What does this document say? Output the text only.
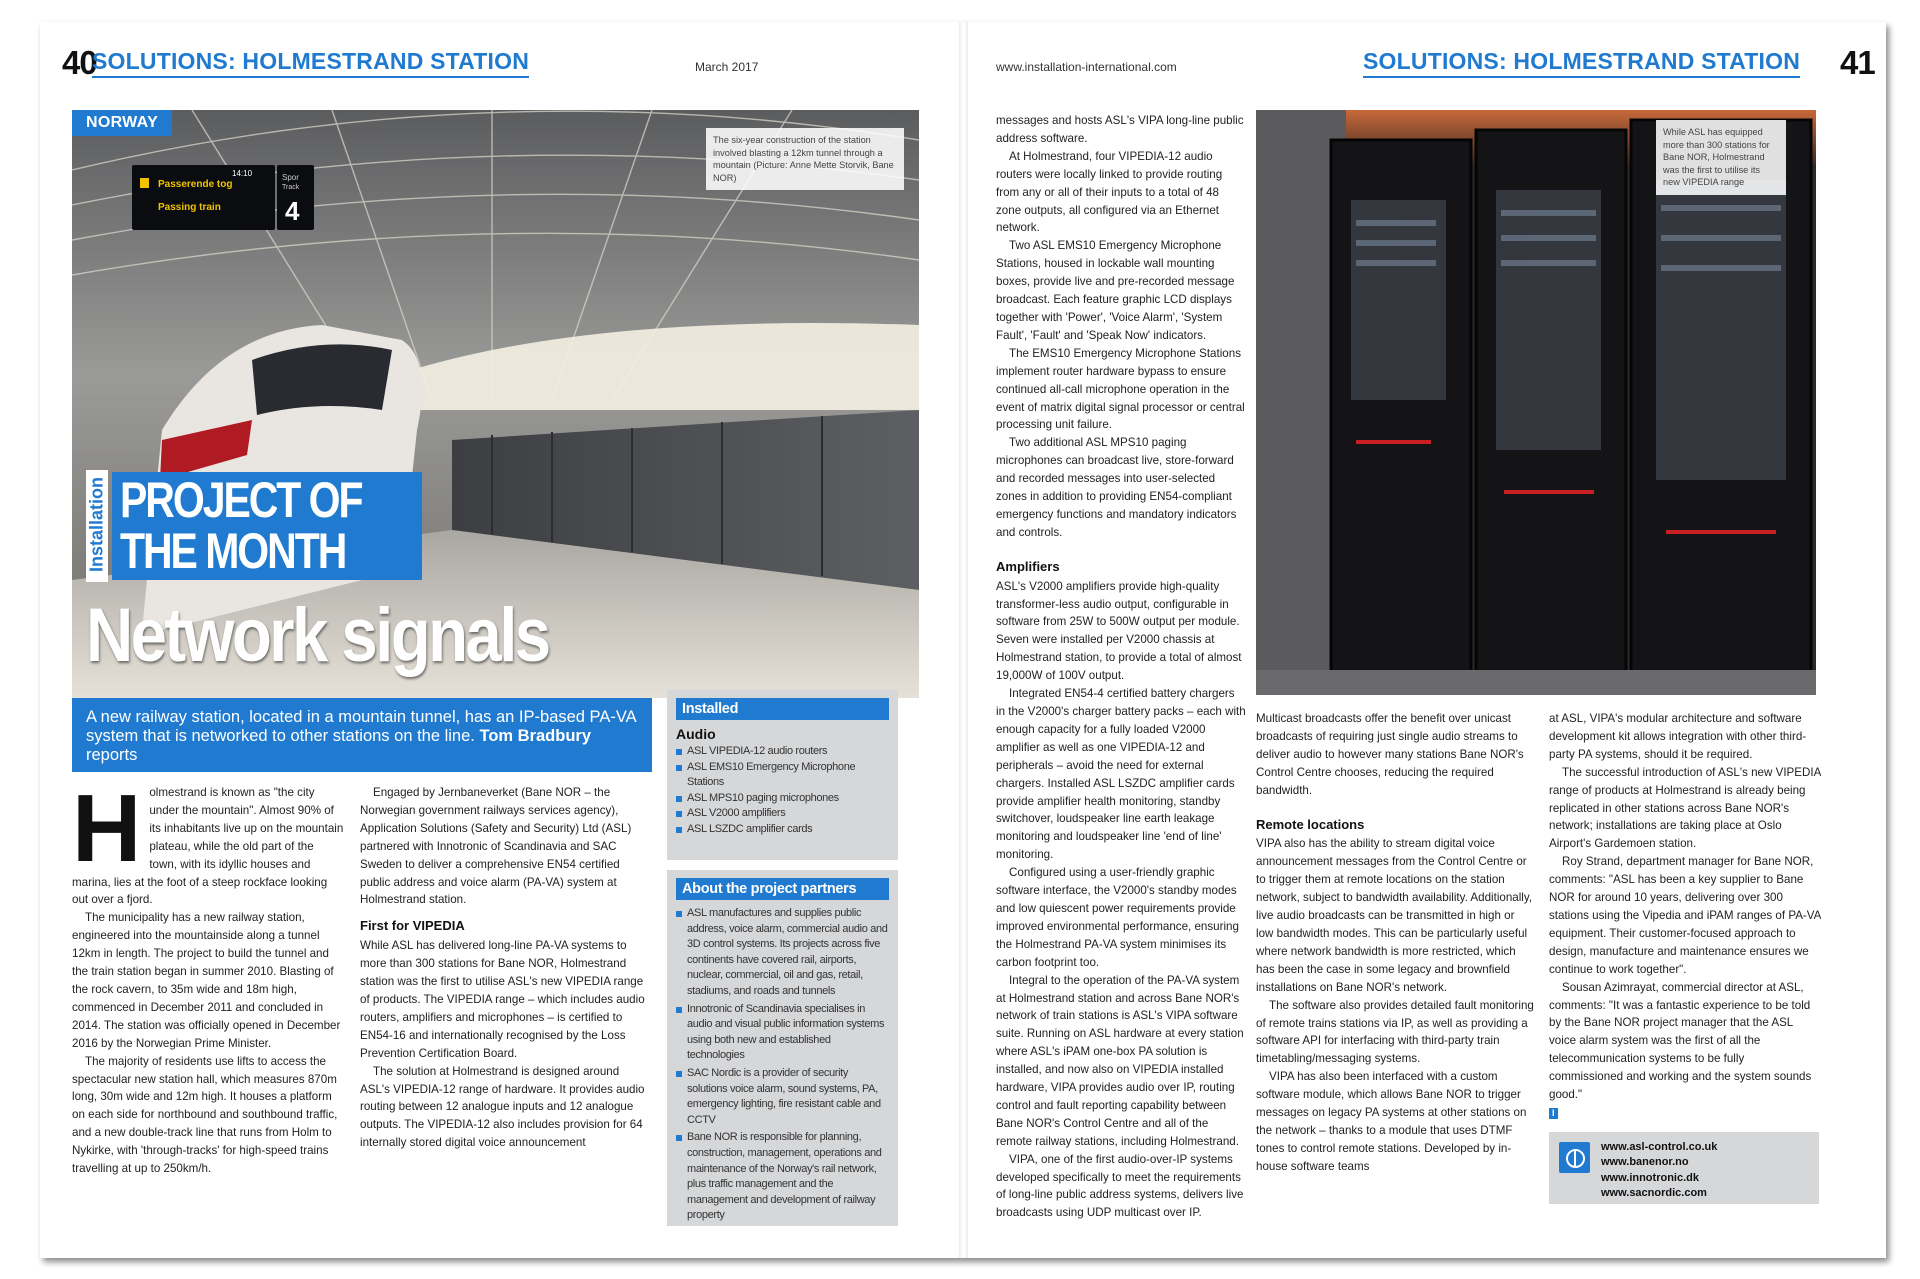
40
SOLUTIONS: HOLMESTRAND STATION	March 2017
Passerende tog
Passing train
14:10	Spor
Track
4
The six-year construction of the station involved blasting a 12km tunnel through a mountain (Picture: Anne Mette Storvik, Bane NOR)
NORWAY
Installation PROJECT OF
THE MONTH
Network signals
A new railway station, located in a mountain tunnel, has an IP-based PA-VA system that is networked to other stations on the line. Tom Bradbury reports
H olmestrand is known as "the city under the mountain". Almost 90% of its inhabitants live up on the mountain plateau, while the old part of the town, with its idyllic houses and marina, lies at the foot of a steep rockface looking out over a fjord.

The municipality has a new railway station, engineered into the mountainside along a tunnel 12km in length. The project to build the tunnel and the train station began in summer 2010. Blasting of the rock cavern, to 35m wide and 18m high, commenced in December 2011 and concluded in 2014. The station was officially opened in December 2016 by the Norwegian Prime Minister.

The majority of residents use lifts to access the spectacular new station hall, which measures 870m long, 30m wide and 12m high. It houses a platform on each side for northbound and southbound traffic, and a new double-track line that runs from Holm to Nykirke, with 'through-tracks' for high-speed trains travelling at up to 250km/h.

Engaged by Jernbaneverket (Bane NOR – the Norwegian government railways services agency), Application Solutions (Safety and Security) Ltd (ASL) partnered with Innotronic of Scandinavia and SAC Sweden to deliver a comprehensive EN54 certified public address and voice alarm (PA-VA) system at Holmestrand station.

First for VIPEDIA

While ASL has delivered long-line PA-VA systems to more than 300 stations for Bane NOR, Holmestrand station was the first to utilise ASL's new VIPEDIA range of products. The VIPEDIA range – which includes audio routers, amplifiers and microphones – is certified to EN54-16 and internationally recognised by the Loss Prevention Certification Board.

The solution at Holmestrand is designed around ASL's VIPEDIA-12 range of hardware. It provides audio routing between 12 analogue inputs and 12 analogue outputs. The VIPEDIA-12 also includes provision for 64 internally stored digital voice announcement

Installed
Audio
ASL VIPEDIA-12 audio routers
ASL EMS10 Emergency Microphone Stations
ASL MPS10 paging microphones
ASL V2000 amplifiers
ASL LSZDC amplifier cards
About the project partners
ASL manufactures and supplies public address, voice alarm, commercial audio and 3D control systems. Its projects across five continents have covered rail, airports, nuclear, commercial, oil and gas, retail, stadiums, and roads and tunnels
Innotronic of Scandinavia specialises in audio and visual public information systems using both new and established technologies
SAC Nordic is a provider of security solutions voice alarm, sound systems, PA, emergency lighting, fire resistant cable and CCTV
Bane NOR is responsible for planning, construction, management, operations and maintenance of the Norway's rail network, plus traffic management and the management and development of railway property
www.installation-international.com	SOLUTIONS: HOLMESTRAND STATION 41

messages and hosts ASL's VIPA long-line public address software.

At Holmestrand, four VIPEDIA-12 audio routers were locally linked to provide routing from any or all of their inputs to a total of 48 zone outputs, all configured via an Ethernet network.

Two ASL EMS10 Emergency Microphone Stations, housed in lockable wall mounting boxes, provide live and pre-recorded message broadcast. Each feature graphic LCD displays together with 'Power', 'Voice Alarm', 'System Fault', 'Fault' and 'Speak Now' indicators.

The EMS10 Emergency Microphone Stations implement router hardware bypass to ensure continued all-call microphone operation in the event of matrix digital signal processor or central processing unit failure.

Two additional ASL MPS10 paging microphones can broadcast live, store-forward and recorded messages into user-selected zones in addition to providing EN54-compliant emergency functions and mandatory indicators and controls.

Amplifiers

ASL's V2000 amplifiers provide high-quality transformer-less audio output, configurable in software from 25W to 500W output per module. Seven were installed per V2000 chassis at Holmestrand station, to provide a total of almost 19,000W of 100V output.

Integrated EN54-4 certified battery chargers in the V2000's charger battery packs – each with enough capacity for a fully loaded V2000 amplifier as well as one VIPEDIA-12 and peripherals – avoid the need for external chargers. Installed ASL LSZDC amplifier cards provide amplifier health monitoring, standby switchover, loudspeaker line earth leakage monitoring and loudspeaker line 'end of line' monitoring.

Configured using a user-friendly graphic software interface, the V2000's standby modes and low quiescent power requirements provide improved environmental performance, ensuring the Holmestrand PA-VA system minimises its carbon footprint too.

Integral to the operation of the PA-VA system at Holmestrand station and across Bane NOR's network of train stations is ASL's VIPA software suite. Running on ASL hardware at every station where ASL's iPAM one-box PA solution is installed, and now also on VIPEDIA installed hardware, VIPA provides audio over IP, routing control and fault reporting capability between Bane NOR's Control Centre and all of the remote railway stations, including Holmestrand.

VIPA, one of the first audio-over-IP systems developed specifically to meet the requirements of long-line public address systems, delivers live broadcasts using UDP multicast over IP.

While ASL has equipped more than 300 stations for Bane NOR, Holmestrand was the first to utilise its new VIPEDIA range

Multicast broadcasts offer the benefit over unicast broadcasts of requiring just single audio streams to deliver audio to however many stations Bane NOR's Control Centre chooses, reducing the required bandwidth.

Remote locations

VIPA also has the ability to stream digital voice announcement messages from the Control Centre or to trigger them at remote locations on the station network, subject to bandwidth availability. Additionally, live audio broadcasts can be transmitted in high or low bandwidth modes. This can be particularly useful where network bandwidth is more restricted, which has been the case in some legacy and brownfield installations on Bane NOR's network.

The software also provides detailed fault monitoring of remote trains stations via IP, as well as providing a software API for interfacing with third-party train timetabling/messaging systems.

VIPA has also been interfaced with a custom software module, which allows Bane NOR to trigger messages on legacy PA systems at other stations on the network – thanks to a module that uses DTMF tones to control remote stations. Developed by in-house software teams

at ASL, VIPA's modular architecture and software development kit allows integration with other third-party PA systems, should it be required.

The successful introduction of ASL's new VIPEDIA range of products at Holmestrand is already being replicated in other stations across Bane NOR's network; installations are taking place at Oslo Airport's Gardemoen station.

Roy Strand, department manager for Bane NOR, comments: "ASL has been a key supplier to Bane NOR for around 10 years, delivering over 300 stations using the Vipedia and iPAM ranges of PA-VA equipment. Their customer-focused approach to design, manufacture and maintenance ensures we continue to work together".

Sousan Azimrayat, commercial director at ASL, comments: "It was a fantastic experience to be told by the Bane NOR project manager that the ASL voice alarm system was the first of all the telecommunication systems to be fully commissioned and working and the system sounds good."

I

www.asl-control.co.uk
www.banenor.no
www.innotronic.dk
www.sacnordic.com
